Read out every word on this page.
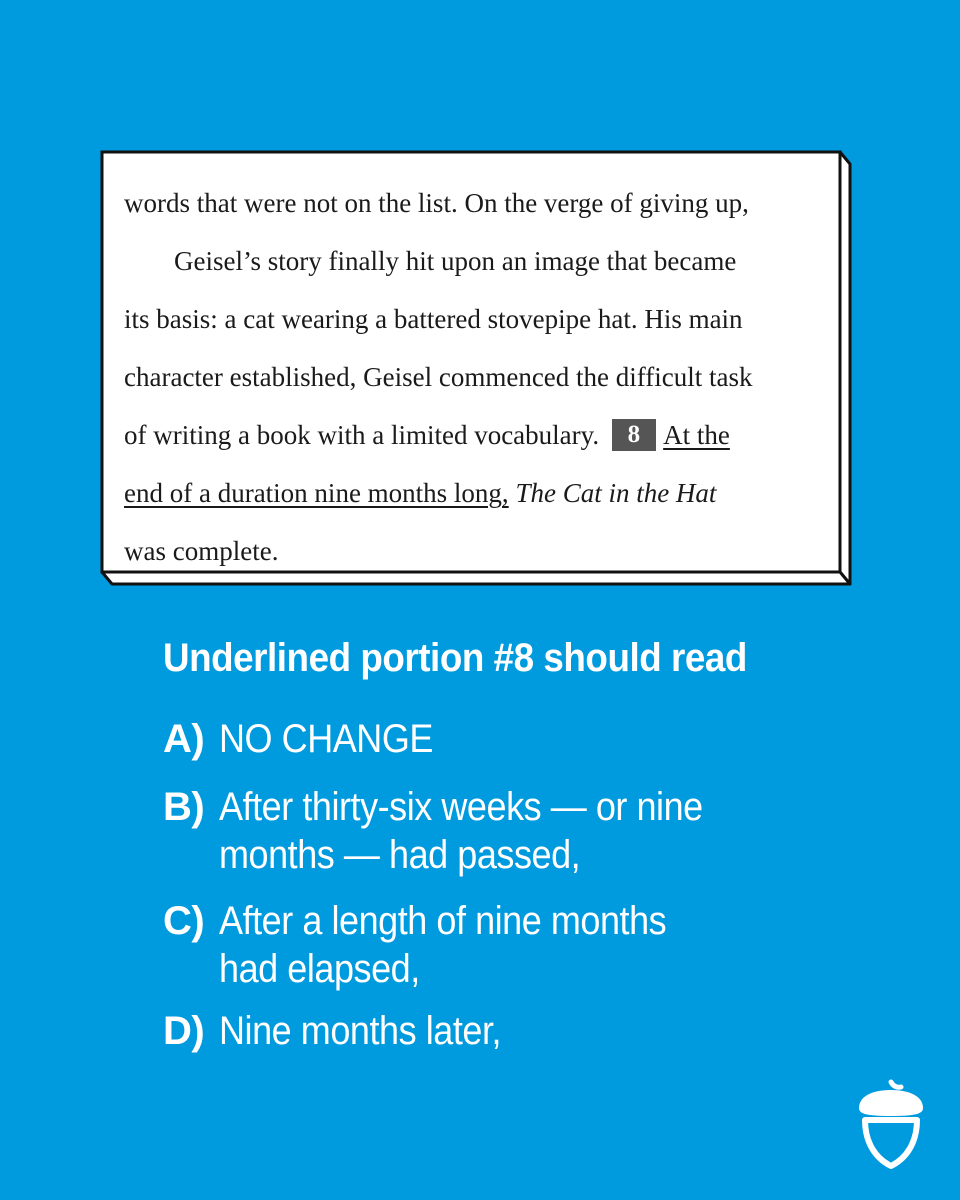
words that were not on the list. On the verge of giving up,
Geisel’s story finally hit upon an image that became
its basis: a cat wearing a battered stovepipe hat. His main
character established, Geisel commenced the difficult task
of writing a book with a limited vocabulary. 8 At the
end of a duration nine months long, The Cat in the Hat
was complete.
Underlined portion #8 should read
A) NO CHANGE
B) After thirty-six weeks — or nine
months — had passed,
C) After a length of nine months
had elapsed,
D) Nine months later,
